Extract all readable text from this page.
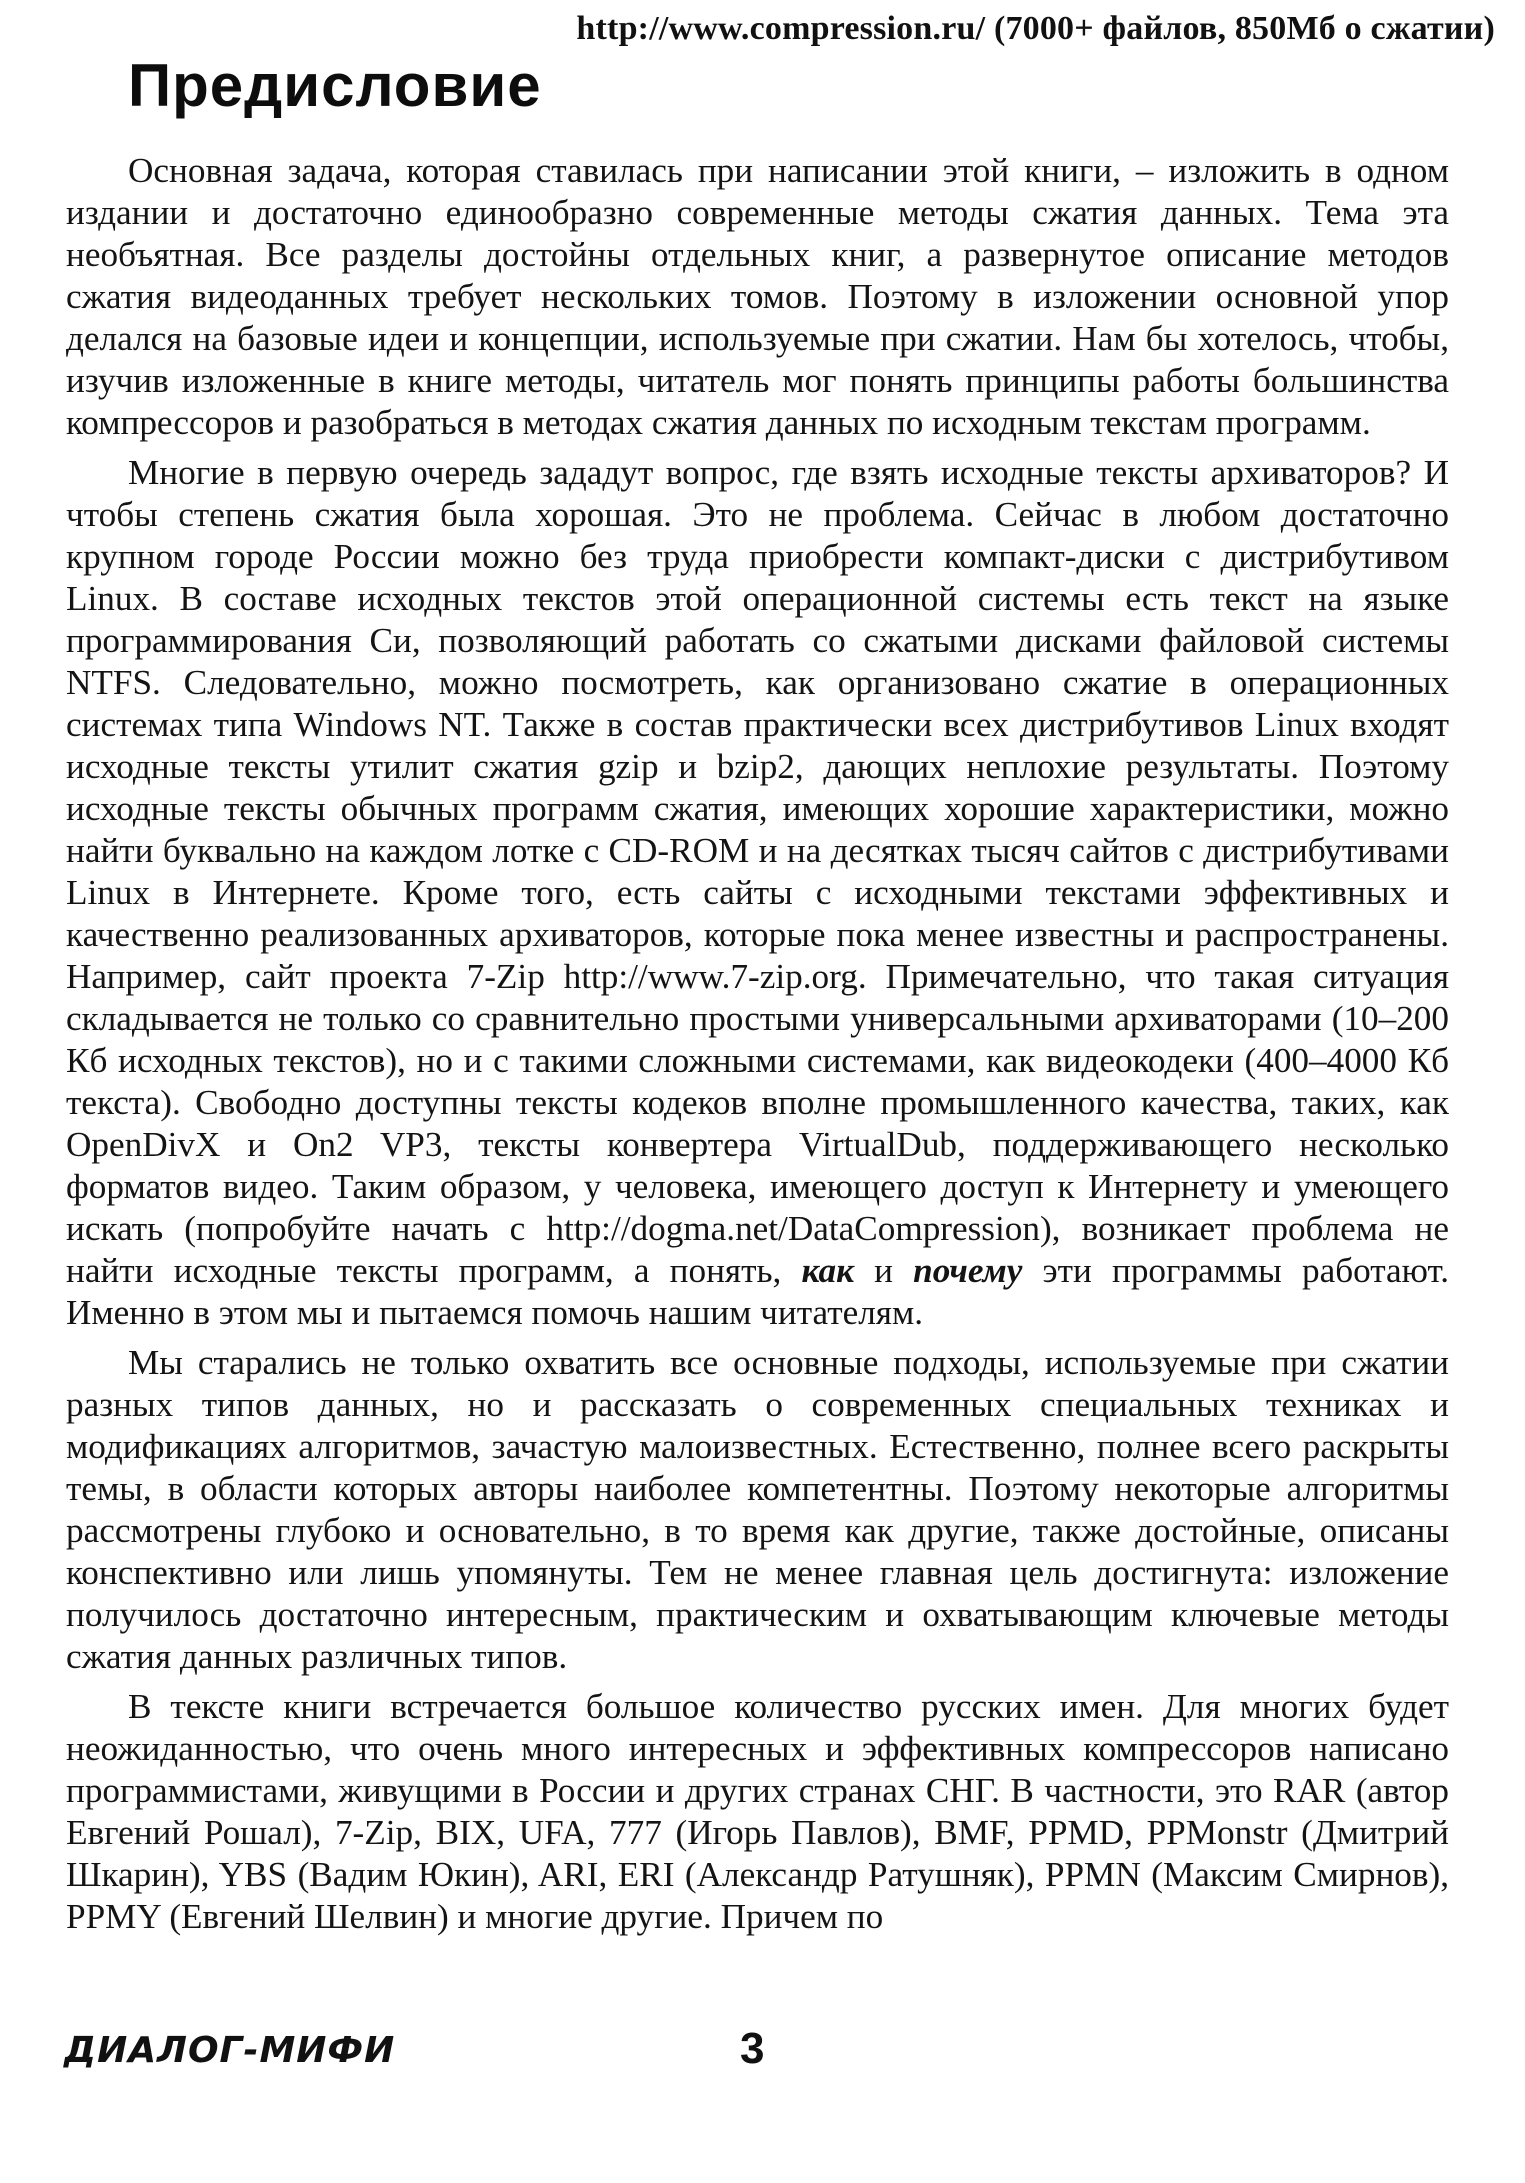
http://www.compression.ru/ (7000+ файлов, 850Мб о сжатии)
Предисловие

Основная задача, которая ставилась при написании этой книги, – изложить в одном издании и достаточно единообразно современные методы сжатия данных. Тема эта необъятная. Все разделы достойны отдельных книг, а развернутое описание методов сжатия видеоданных требует нескольких томов. Поэтому в изложении основной упор делался на базовые идеи и концепции, используемые при сжатии. Нам бы хотелось, чтобы, изучив изложенные в книге методы, читатель мог понять принципы работы большинства компрессоров и разобраться в методах сжатия данных по исходным текстам программ.

Многие в первую очередь зададут вопрос, где взять исходные тексты архиваторов? И чтобы степень сжатия была хорошая. Это не проблема. Сейчас в любом достаточно крупном городе России можно без труда приобрести компакт-диски с дистрибутивом Linux. В составе исходных текстов этой операционной системы есть текст на языке программирования Си, позволяющий работать со сжатыми дисками файловой системы NTFS. Следовательно, можно посмотреть, как организовано сжатие в операционных системах типа Windows NT. Также в состав практически всех дистрибутивов Linux входят исходные тексты утилит сжатия gzip и bzip2, дающих неплохие результаты. Поэтому исходные тексты обычных программ сжатия, имеющих хорошие характеристики, можно найти буквально на каждом лотке с CD-ROM и на десятках тысяч сайтов с дистрибутивами Linux в Интернете. Кроме того, есть сайты с исходными текстами эффективных и качественно реализованных архиваторов, которые пока менее известны и распространены. Например, сайт проекта 7-Zip http://www.7-zip.org. Примечательно, что такая ситуация складывается не только со сравнительно простыми универсальными архиваторами (10–200 Кб исходных текстов), но и с такими сложными системами, как видеокодеки (400–4000 Кб текста). Свободно доступны тексты кодеков вполне промышленного качества, таких, как OpenDivX и On2 VP3, тексты конвертера VirtualDub, поддерживающего несколько форматов видео. Таким образом, у человека, имеющего доступ к Интернету и умеющего искать (попробуйте начать с http://dogma.net/DataCompression), возникает проблема не найти исходные тексты программ, а понять, как и почему эти программы работают. Именно в этом мы и пытаемся помочь нашим читателям.

Мы старались не только охватить все основные подходы, используемые при сжатии разных типов данных, но и рассказать о современных специальных техниках и модификациях алгоритмов, зачастую малоизвестных. Естественно, полнее всего раскрыты темы, в области которых авторы наиболее компетентны. Поэтому некоторые алгоритмы рассмотрены глубоко и основательно, в то время как другие, также достойные, описаны конспективно или лишь упомянуты. Тем не менее главная цель достигнута: изложение получилось достаточно интересным, практическим и охватывающим ключевые методы сжатия данных различных типов.

В тексте книги встречается большое количество русских имен. Для многих будет неожиданностью, что очень много интересных и эффективных компрессоров написано программистами, живущими в России и других странах СНГ. В частности, это RAR (автор Евгений Рошал), 7-Zip, BIX, UFA, 777 (Игорь Павлов), BMF, PPMD, PPMonstr (Дмитрий Шкарин), YBS (Вадим Юкин), ARI, ERI (Александр Ратушняк), PPMN (Максим Смирнов), PPMY (Евгений Шелвин) и многие другие. Причем по

ДИАЛОГ-МИФИ	3
